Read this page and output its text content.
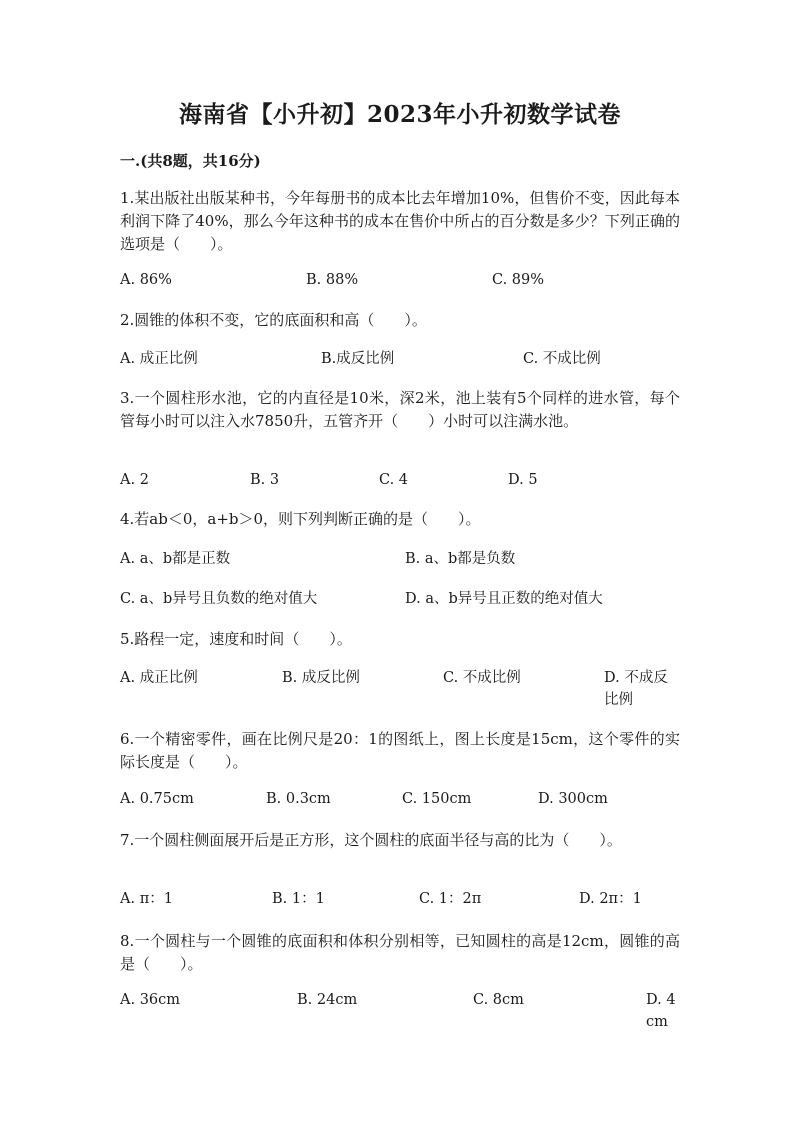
海南省【小升初】2023年小升初数学试卷
一.(共8题，共16分)
1.某出版社出版某种书，今年每册书的成本比去年增加10%，但售价不变，因此每本利润下降了40%，那么今年这种书的成本在售价中所占的百分数是多少？下列正确的选项是（　　）。
A. 86%	B. 88%	C. 89%
2.圆锥的体积不变，它的底面积和高（　　）。
A. 成正比例	B.成反比例	C. 不成比例
3.一个圆柱形水池，它的内直径是10米，深2米，池上装有5个同样的进水管，每个管每小时可以注入水7850升，五管齐开（　　）小时可以注满水池。
A. 2	B. 3	C. 4	D. 5
4.若ab＜0，a+b＞0，则下列判断正确的是（　　）。
A. a、b都是正数	B. a、b都是负数
C. a、b异号且负数的绝对值大	D. a、b异号且正数的绝对值大
5.路程一定，速度和时间（　　）。
A. 成正比例	B. 成反比例	C. 不成比例	D. 不成反比例
6.一个精密零件，画在比例尺是20：1的图纸上，图上长度是15cm，这个零件的实际长度是（　　）。
A. 0.75cm	B. 0.3cm	C. 150cm	D. 300cm
7.一个圆柱侧面展开后是正方形，这个圆柱的底面半径与高的比为（　　）。
A. π：1	B. 1：1	C. 1：2π	D. 2π：1
8.一个圆柱与一个圆锥的底面积和体积分别相等，已知圆柱的高是12cm，圆锥的高是（　　）。
A. 36cm	B. 24cm	C. 8cm	D. 4cm
